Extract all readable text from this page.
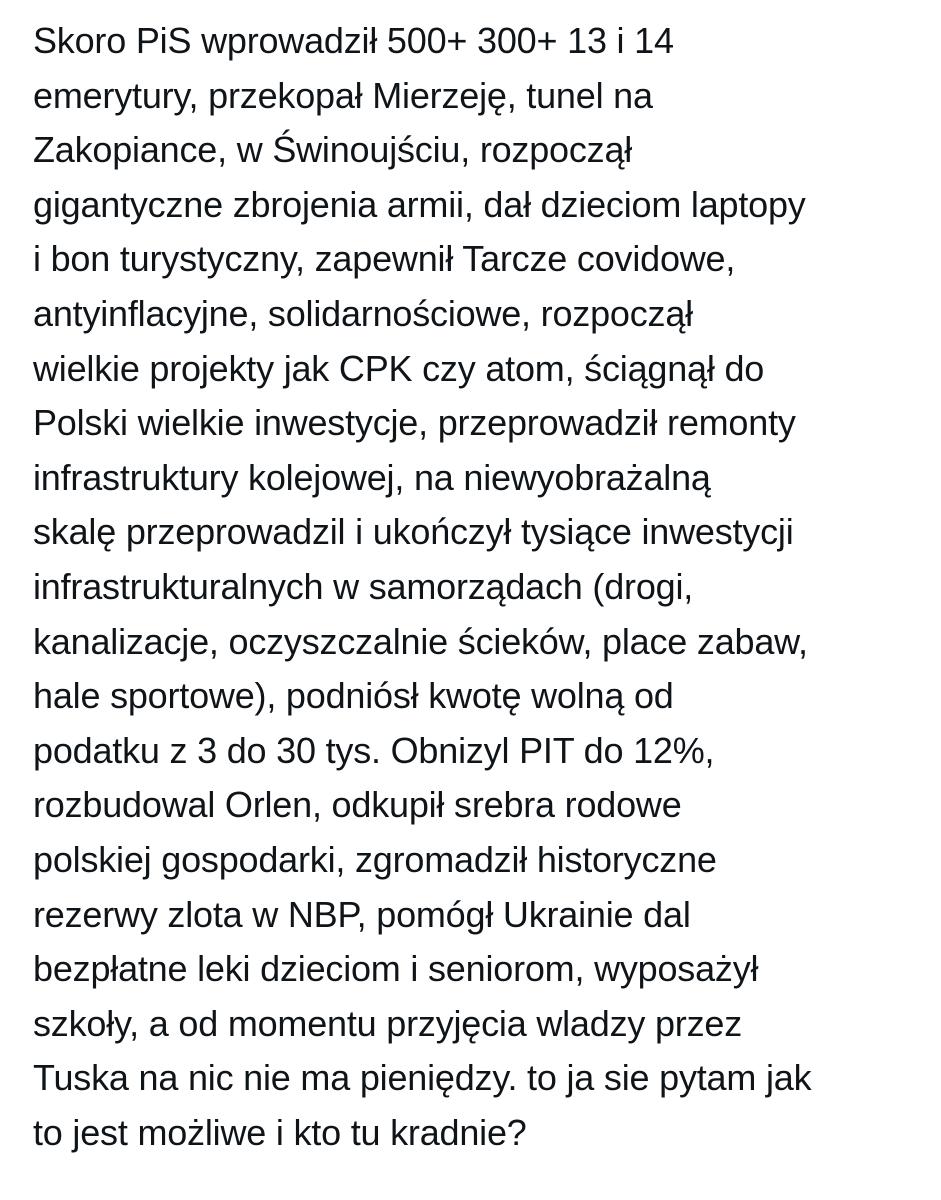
Skoro PiS wprowadził 500+ 300+ 13 i 14
emerytury, przekopał Mierzeję, tunel na
Zakopiance, w Świnoujściu, rozpoczął
gigantyczne zbrojenia armii, dał dzieciom laptopy
i bon turystyczny, zapewnił Tarcze covidowe,
antyinflacyjne, solidarnościowe, rozpoczął
wielkie projekty jak CPK czy atom, ściągnął do
Polski wielkie inwestycje, przeprowadził remonty
infrastruktury kolejowej, na niewyobrażalną
skalę przeprowadzil i ukończył tysiące inwestycji
infrastrukturalnych w samorządach (drogi,
kanalizacje, oczyszczalnie ścieków, place zabaw,
hale sportowe), podniósł kwotę wolną od
podatku z 3 do 30 tys. Obnizyl PIT do 12%,
rozbudowal Orlen, odkupił srebra rodowe
polskiej gospodarki, zgromadził historyczne
rezerwy zlota w NBP, pomógł Ukrainie dal
bezpłatne leki dzieciom i seniorom, wyposażył
szkoły, a od momentu przyjęcia wladzy przez
Tuska na nic nie ma pieniędzy. to ja sie pytam jak
to jest możliwe i kto tu kradnie?
